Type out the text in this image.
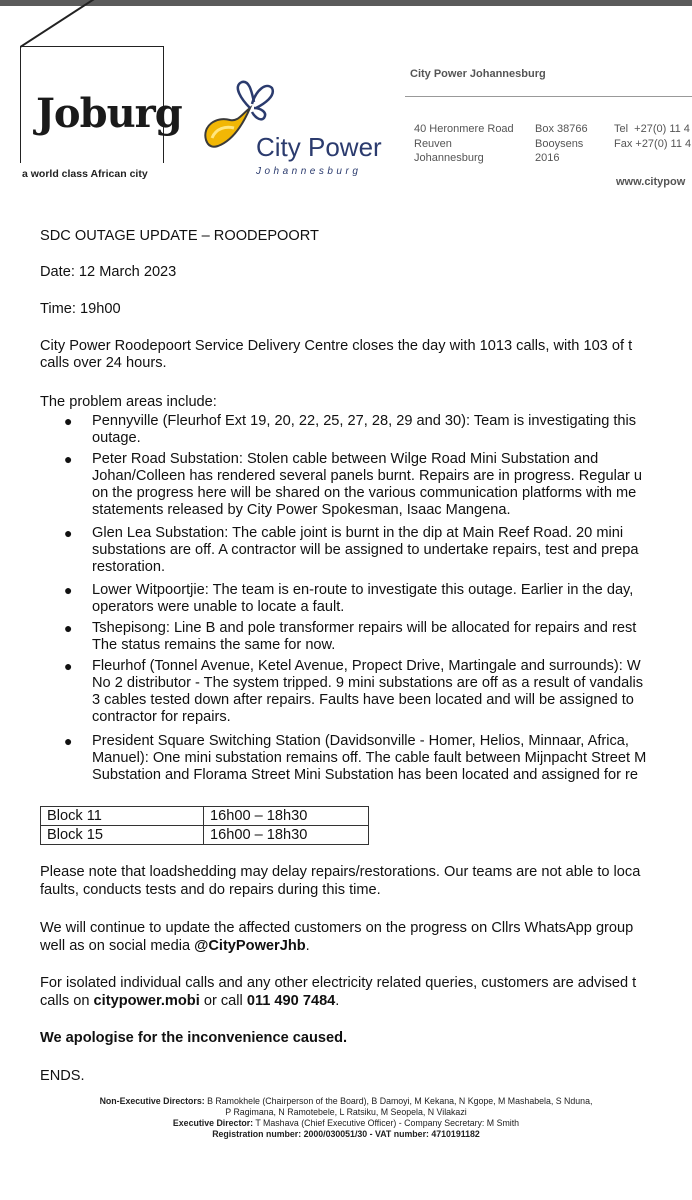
Joburg
a world class African city
City Power
Johannesburg
City Power Johannesburg
40 Heronmere Road
Reuven
Johannesburg
Box 38766
Booysens
2016
Tel  +27(0) 11 4
Fax +27(0) 11 4
www.citypow
SDC OUTAGE UPDATE – ROODEPOORT
Date: 12 March 2023
Time: 19h00
City Power Roodepoort Service Delivery Centre closes the day with 1013 calls, with 103 of t
calls over 24 hours.
The problem areas include:
● Pennyville (Fleurhof Ext 19, 20, 22, 25, 27, 28, 29 and 30): Team is investigating this
outage.
● Peter Road Substation: Stolen cable between Wilge Road Mini Substation and
Johan/Colleen has rendered several panels burnt. Repairs are in progress. Regular u
on the progress here will be shared on the various communication platforms with me
statements released by City Power Spokesman, Isaac Mangena.
● Glen Lea Substation: The cable joint is burnt in the dip at Main Reef Road. 20 mini
substations are off. A contractor will be assigned to undertake repairs, test and prepa
restoration.
● Lower Witpoortjie: The team is en-route to investigate this outage. Earlier in the day,
operators were unable to locate a fault.
● Tshepisong: Line B and pole transformer repairs will be allocated for repairs and rest
The status remains the same for now.
● Fleurhof (Tonnel Avenue, Ketel Avenue, Propect Drive, Martingale and surrounds): W
No 2 distributor - The system tripped. 9 mini substations are off as a result of vandalis
3 cables tested down after repairs. Faults have been located and will be assigned to
contractor for repairs.
● President Square Switching Station (Davidsonville - Homer, Helios, Minnaar, Africa,
Manuel): One mini substation remains off. The cable fault between Mijnpacht Street M
Substation and Florama Street Mini Substation has been located and assigned for re
Block 11	16h00 – 18h30
Block 15	16h00 – 18h30
Please note that loadshedding may delay repairs/restorations. Our teams are not able to loca
faults, conducts tests and do repairs during this time.
We will continue to update the affected customers on the progress on Cllrs WhatsApp group
well as on social media @CityPowerJhb.
For isolated individual calls and any other electricity related queries, customers are advised t
calls on citypower.mobi or call 011 490 7484.
We apologise for the inconvenience caused.
ENDS.
Non-Executive Directors: B Ramokhele (Chairperson of the Board), B Damoyi, M Kekana, N Kgope, M Mashabela, S Nduna,
P Ragimana, N Ramotebele, L Ratsiku, M Seopela, N Vilakazi
Executive Director: T Mashava (Chief Executive Officer) - Company Secretary: M Smith
Registration number: 2000/030051/30 - VAT number: 4710191182
